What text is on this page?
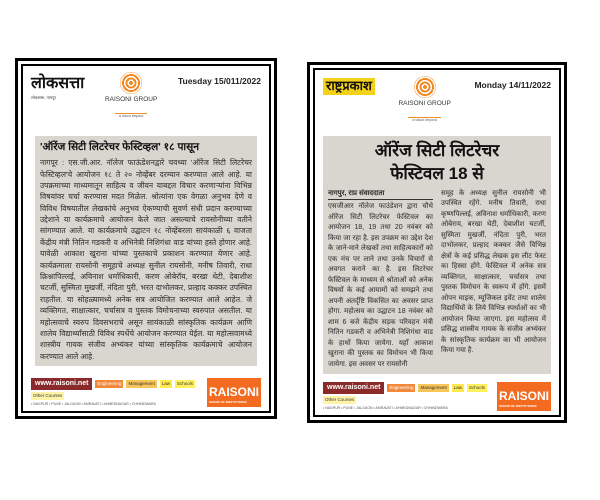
लोकसत्ता
लोकसत्ता, नागपूर	RAISONI GROUP
a vision beyond
Tuesday 15/011/2022

'ऑरेंज सिटी लिटरेचर फेस्टिव्हल' १८ पासून

नागपूर : एस.जी.आर. नॉलेज फाऊंडेशनद्वारे चवथ्या 'ऑरेंज सिटी लिटरेचर फेस्टिव्हल'चे आयोजन १८ ते २० नोव्हेंबर दरम्यान करण्यात आले आहे. या उपक्रमाच्या माध्यमातून साहित्य व जीवन याबद्दल विचार करणाऱ्यांना विभिन्न विषयांवर चर्चा करण्यास मदत मिळेल. श्रोत्यांना एक वेगळा अनुभव देणे व विविध विषयातील लेखकांचे अनुभव ऐकण्याची सुवर्ण संधी प्रदान करण्याच्या उद्देशाने या कार्यक्रमाचे आयोजन केले जात असल्याचे रायसोनीच्या वतीने सांगण्यात आले. या कार्यक्रमाचे उद्घाटन १८ नोव्हेंबरला सायंकाळी ६ वाजता केंद्रीय मंत्री नितिन गडकरी व अभिनेत्री निशिगंधा वाड यांच्या हस्ते होणार आहे. यावेळी आकाश खुराना यांच्या पुस्तकाचे प्रकाशन करण्यात येणार आहे. कार्यक्रमाला रायसोनी समूहाचे अध्यक्ष सुनील रायसोनी, मनीष तिवारी, राधा क्रिश्नापिल्लई, अविनाश धर्माधिकारी, करण ओबेरॉय, बरखा थेटी, देबाशीश चटर्जी, सुस्मिता मुखर्जी, नंदिता पुरी, भरत दाभोलकर, प्रल्हाद कक्कर उपस्थित राहतील. या सोहळ्यामध्ये अनेक सत्र आयोजित करण्यात आले आहेत. जे व्यक्तिगत, साक्षात्कार, चर्चासत्र व पुस्तक विमोचनाच्या स्वरुपात असतील. या महोत्सवाचे स्वरुप दिवसभराचे असून सायंकाळी सांस्कृतिक कार्यक्रम आणि शालेय विद्यार्थ्यांसाठी विविध स्पर्धेचे आयोजन करण्यात येईल. या महोत्सवामध्ये शास्त्रीय गायक संजीव अभ्यंकर यांच्या सांस्कृतिक कार्यक्रमाचे आयोजन करण्यात आले आहे.

www.raisoni.net	Engineering	Management	Law	Schools
Other Courses
• NAGPUR • PUNE • JALGAON • AMRAVATI • AHMEDNAGAR • CHHINDWARA
RAISONI
GROUP OF INSTITUTIONS
राष्ट्रप्रकाश
RAISONI GROUP
a vision beyond
Monday 14/11/2022

ऑरेंज सिटी लिटरेचर

फेस्टिवल 18 से

नागपुर, राप्र संवाददाता
एसजीआर नॉलेज फाउंडेशन द्वारा चौथे ऑरेंज सिटी लिटरेचर फेस्टिवल का आयोजन 18, 19 तथा 20 नवंबर को किया जा रहा है. इस उपक्रम का उद्देश देश के जाने-माने लेखकों तथा साहित्यकारों को एक मंच पर लाने तथा उनके विचारों से अवगत कराने का है. इस लिटरेचर फेस्टिवल के माध्यम से श्रोताओं को अनेक विषयों के कई आयामों को समझने तथा अपनी अंतर्दृष्टि विकसित का अवसर प्राप्त होगा. महोत्सव का उद्घाटन 18 नवंबर को शाम 6 बजे केंद्रीय सड़क परिवहन मंत्री नितिन गडकरी व अभिनेत्री निशिगंधा वाड के हाथों किया जायेगा. यहाँ आकाश खुराना की पुस्तक का विमोचन भी किया जायेगा. इस अवसर पर रायसोनी
समूह के अध्यक्ष सुनील रायसोनी भी उपस्थित रहेंगे. मनीष तिवारी, राधा कृष्णपिल्लई, अविनाश धर्माधिकारी, करण ओबेराय, बरखा थेटी, देबाशीश चटर्जी, सुस्मिता मुखर्जी, नंदिता पुरी, भरत दाभोलकर, प्रल्हाद कक्कर जैसे विभिन्न क्षेत्रों के कई प्रसिद्ध लेखक इस लीट फेस्ट का हिस्सा होंगे. फेस्टिवल में अनेक सत्र व्यक्तिगत, साक्षात्कार, चर्चासत्र तथा पुस्तक विमोचन के स्वरूप में होंगे. इसमें ओपन माइक, म्यूजिकल इवेंट तथा शालेय विद्यार्थियों के लिये विभिन्न स्पर्धाओं का भी आयोजन किया जाएगा. इस महोत्सव में प्रसिद्ध शास्त्रीय गायक के संजीव अभ्यंकर के सांस्कृतिक कार्यक्रम का भी आयोजन किया गया है.
www.raisoni.net	Engineering	Management	Law	Schools
Other Courses
• NAGPUR • PUNE • JALGAON • AMRAVATI • AHMEDNAGAR • CHHINDWARA
RAISONI
GROUP OF INSTITUTIONS
